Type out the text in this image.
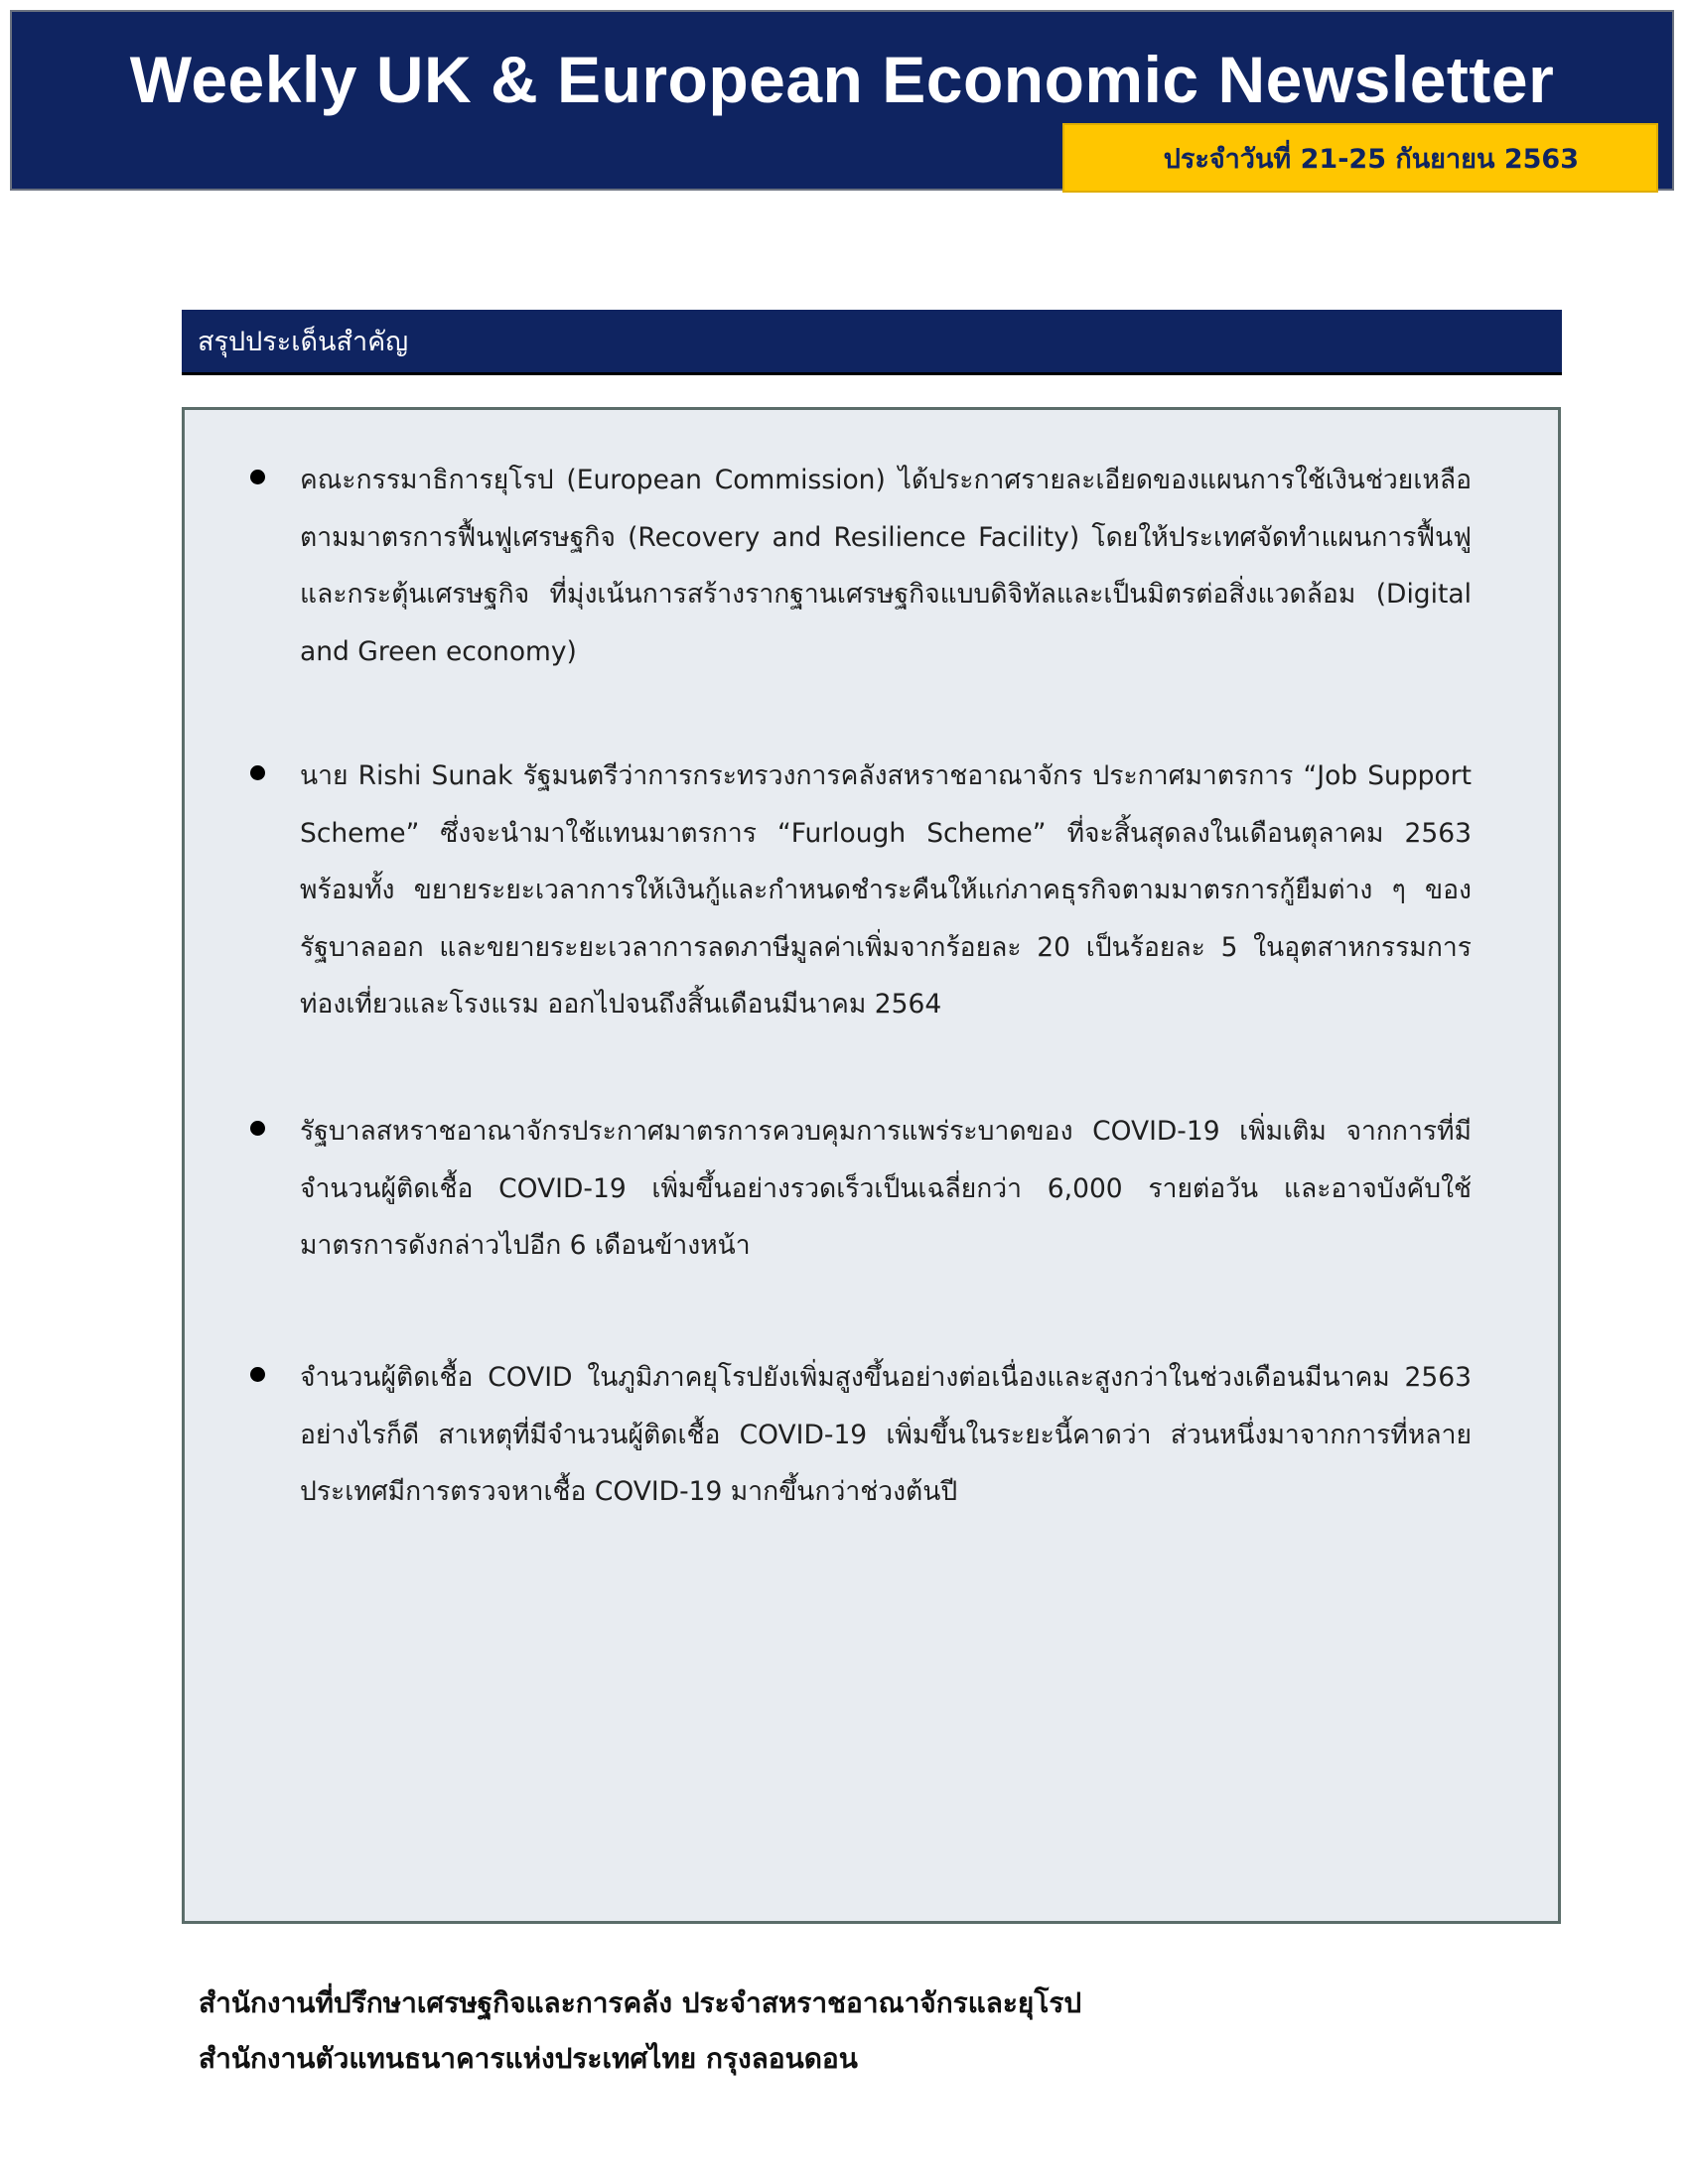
Weekly UK & European Economic Newsletter
ประจำวันที่ 21-25 กันยายน 2563
สรุปประเด็นสำคัญ

คณะกรรมาธิการยุโรป (European Commission) ได้ประกาศรายละเอียดของแผนการใช้เงินช่วยเหลือตามมาตรการฟื้นฟูเศรษฐกิจ (Recovery and Resilience Facility) โดยให้ประเทศจัดทำแผนการฟื้นฟูและกระตุ้นเศรษฐกิจ ที่มุ่งเน้นการสร้างรากฐานเศรษฐกิจแบบดิจิทัลและเป็นมิตรต่อสิ่งแวดล้อม (Digital and Green economy)

นาย Rishi Sunak รัฐมนตรีว่าการกระทรวงการคลังสหราชอาณาจักร ประกาศมาตรการ “Job Support Scheme” ซึ่งจะนำมาใช้แทนมาตรการ “Furlough Scheme” ที่จะสิ้นสุดลงในเดือนตุลาคม 2563 พร้อมทั้ง ขยายระยะเวลาการให้เงินกู้และกำหนดชำระคืนให้แก่ภาคธุรกิจตามมาตรการกู้ยืมต่าง ๆ ของรัฐบาลออก และขยายระยะเวลาการลดภาษีมูลค่าเพิ่มจากร้อยละ 20 เป็นร้อยละ 5 ในอุตสาหกรรมการท่องเที่ยวและโรงแรม ออกไปจนถึงสิ้นเดือนมีนาคม 2564

รัฐบาลสหราชอาณาจักรประกาศมาตรการควบคุมการแพร่ระบาดของ COVID-19 เพิ่มเติม จากการที่มีจำนวนผู้ติดเชื้อ COVID-19 เพิ่มขึ้นอย่างรวดเร็วเป็นเฉลี่ยกว่า 6,000 รายต่อวัน และอาจบังคับใช้มาตรการดังกล่าวไปอีก 6 เดือนข้างหน้า

จำนวนผู้ติดเชื้อ COVID ในภูมิภาคยุโรปยังเพิ่มสูงขึ้นอย่างต่อเนื่องและสูงกว่าในช่วงเดือนมีนาคม 2563 อย่างไรก็ดี สาเหตุที่มีจำนวนผู้ติดเชื้อ COVID-19 เพิ่มขึ้นในระยะนี้คาดว่า ส่วนหนึ่งมาจากการที่หลายประเทศมีการตรวจหาเชื้อ COVID-19 มากขึ้นกว่าช่วงต้นปี

สำนักงานที่ปรึกษาเศรษฐกิจและการคลัง ประจำสหราชอาณาจักรและยุโรป
สำนักงานตัวแทนธนาคารแห่งประเทศไทย กรุงลอนดอน
